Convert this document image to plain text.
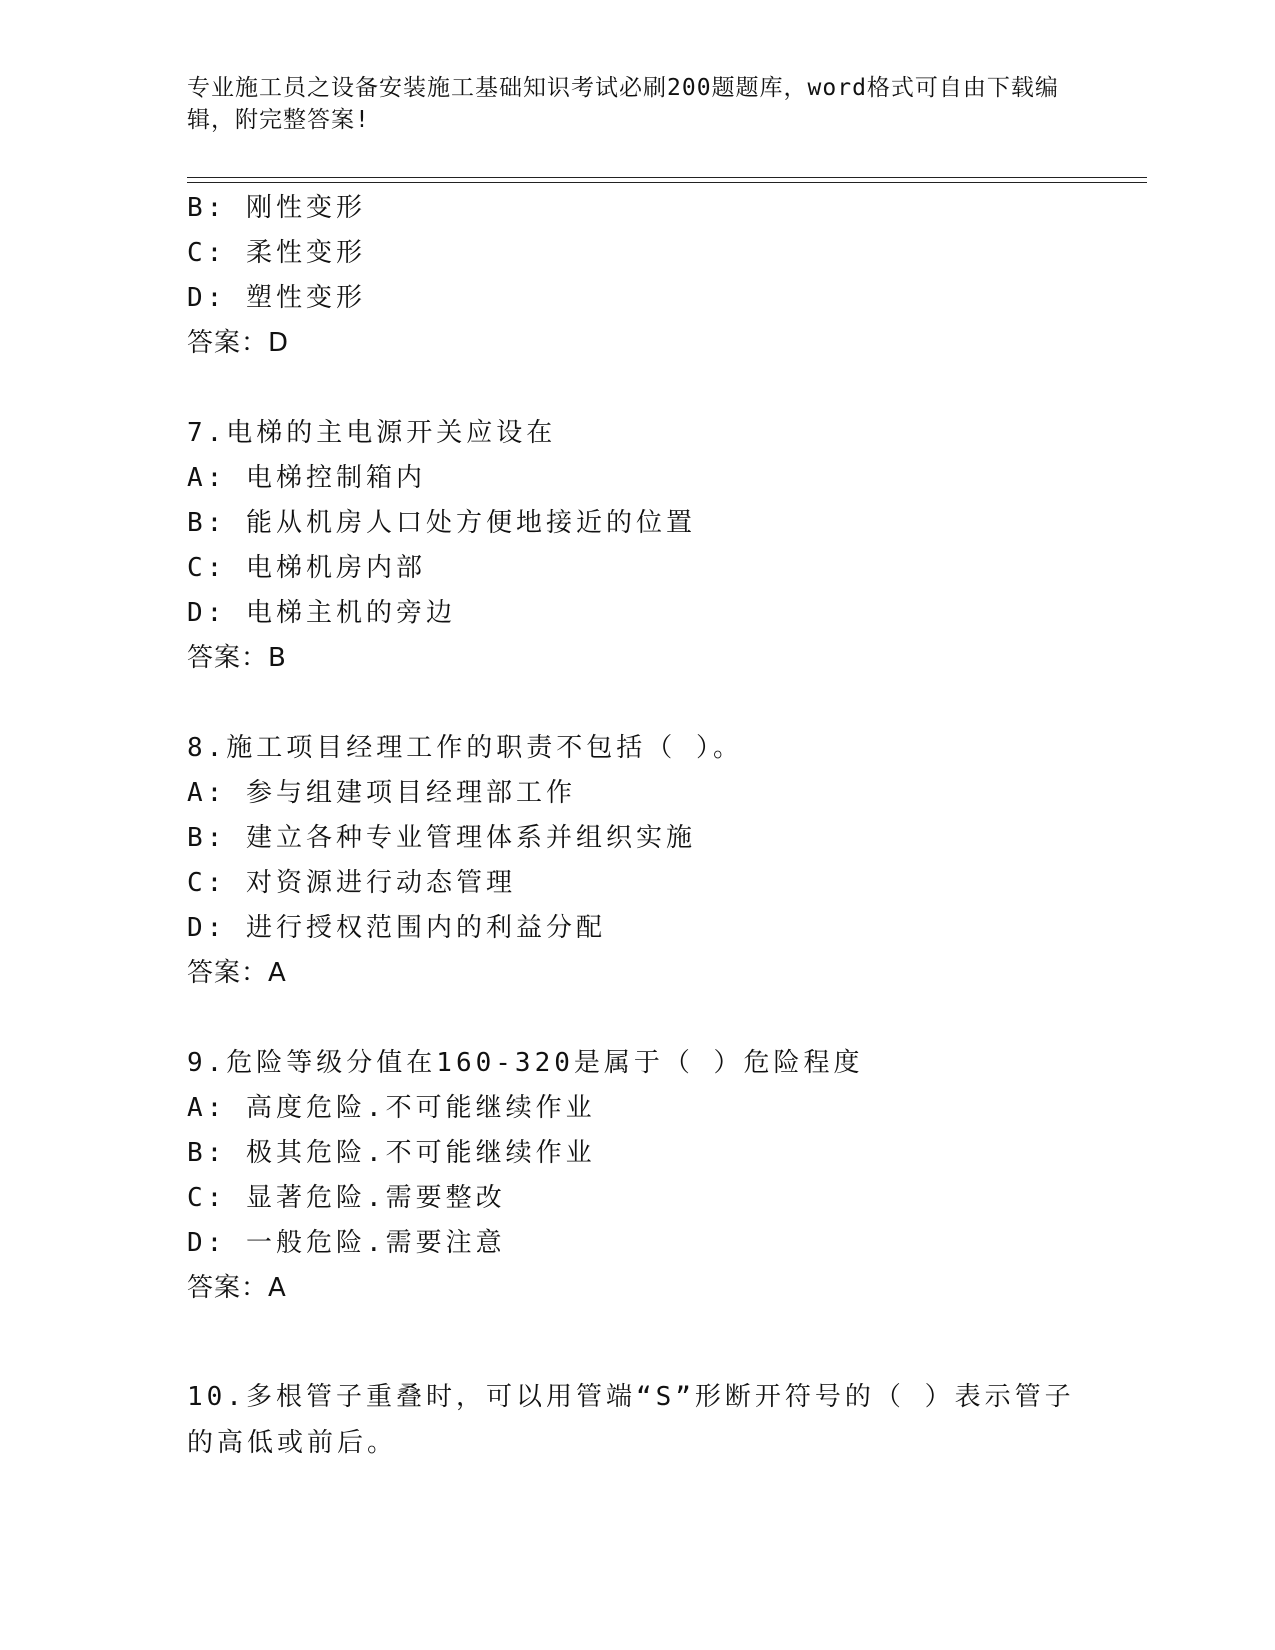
专业施工员之设备安装施工基础知识考试必刷200题题库，word格式可自由下载编辑，附完整答案!
B: 刚性变形
C: 柔性变形
D: 塑性变形
答案：D
7.电梯的主电源开关应设在
A: 电梯控制箱内
B: 能从机房人口处方便地接近的位置
C: 电梯机房内部
D: 电梯主机的旁边
答案：B
8.施工项目经理工作的职责不包括（ ）。
A: 参与组建项目经理部工作
B: 建立各种专业管理体系并组织实施
C: 对资源进行动态管理
D: 进行授权范围内的利益分配
答案：A
9.危险等级分值在160-320是属于（ ）危险程度
A: 高度危险.不可能继续作业
B: 极其危险.不可能继续作业
C: 显著危险.需要整改
D: 一般危险.需要注意
答案：A
10.多根管子重叠时，可以用管端“S”形断开符号的（ ）表示管子的高低或前后。
